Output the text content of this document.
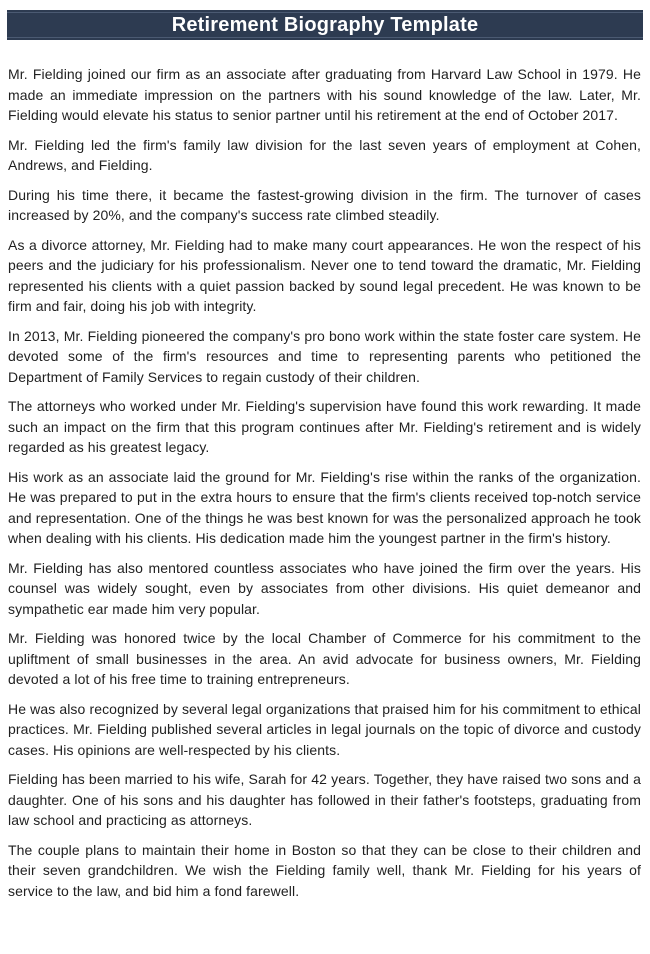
Retirement Biography Template

Mr. Fielding joined our firm as an associate after graduating from Harvard Law School in 1979. He made an immediate impression on the partners with his sound knowledge of the law. Later, Mr. Fielding would elevate his status to senior partner until his retirement at the end of October 2017.

Mr. Fielding led the firm's family law division for the last seven years of employment at Cohen, Andrews, and Fielding.

During his time there, it became the fastest-growing division in the firm. The turnover of cases increased by 20%, and the company's success rate climbed steadily.

As a divorce attorney, Mr. Fielding had to make many court appearances. He won the respect of his peers and the judiciary for his professionalism. Never one to tend toward the dramatic, Mr. Fielding represented his clients with a quiet passion backed by sound legal precedent. He was known to be firm and fair, doing his job with integrity.

In 2013, Mr. Fielding pioneered the company's pro bono work within the state foster care system. He devoted some of the firm's resources and time to representing parents who petitioned the Department of Family Services to regain custody of their children.

The attorneys who worked under Mr. Fielding's supervision have found this work rewarding. It made such an impact on the firm that this program continues after Mr. Fielding's retirement and is widely regarded as his greatest legacy.

His work as an associate laid the ground for Mr. Fielding's rise within the ranks of the organization. He was prepared to put in the extra hours to ensure that the firm's clients received top-notch service and representation. One of the things he was best known for was the personalized approach he took when dealing with his clients. His dedication made him the youngest partner in the firm's history.

Mr. Fielding has also mentored countless associates who have joined the firm over the years. His counsel was widely sought, even by associates from other divisions. His quiet demeanor and sympathetic ear made him very popular.

Mr. Fielding was honored twice by the local Chamber of Commerce for his commitment to the upliftment of small businesses in the area. An avid advocate for business owners, Mr. Fielding devoted a lot of his free time to training entrepreneurs.

He was also recognized by several legal organizations that praised him for his commitment to ethical practices. Mr. Fielding published several articles in legal journals on the topic of divorce and custody cases. His opinions are well-respected by his clients.

Fielding has been married to his wife, Sarah for 42 years. Together, they have raised two sons and a daughter. One of his sons and his daughter has followed in their father's footsteps, graduating from law school and practicing as attorneys.

The couple plans to maintain their home in Boston so that they can be close to their children and their seven grandchildren. We wish the Fielding family well, thank Mr. Fielding for his years of service to the law, and bid him a fond farewell.
